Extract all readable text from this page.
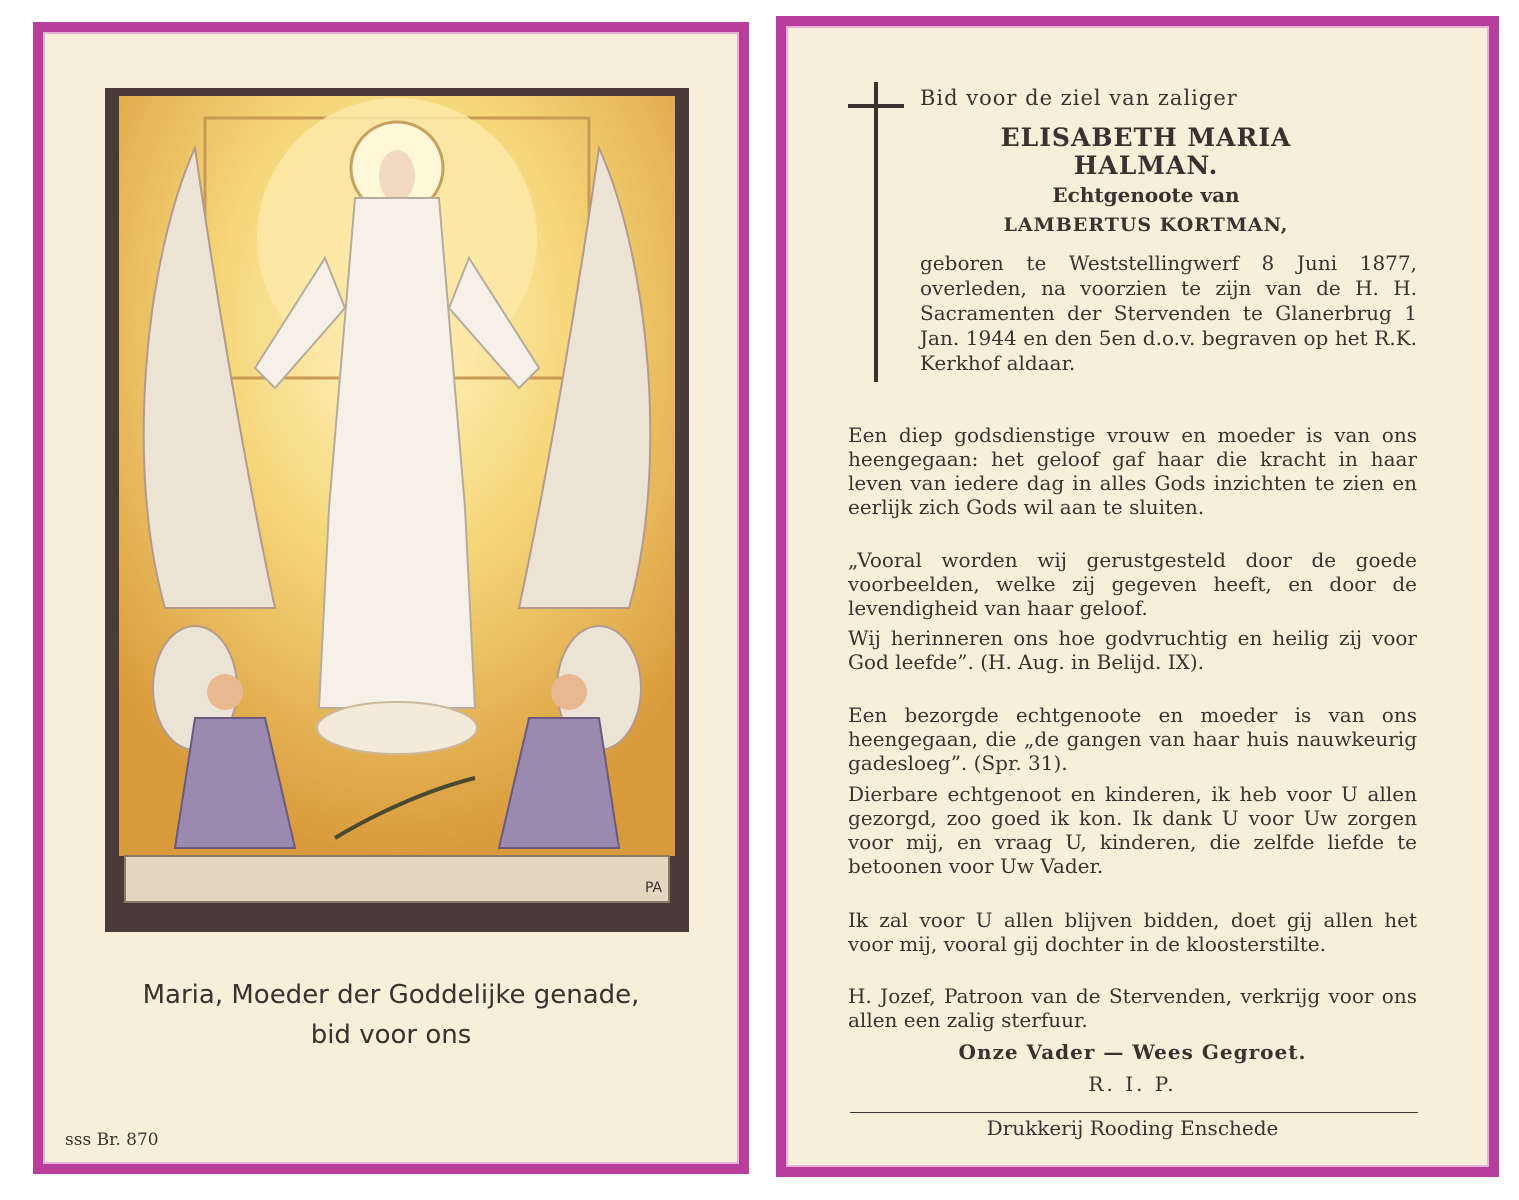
PA
Maria, Moeder der Goddelijke genade,
bid voor ons
sss Br. 870
Bid voor de ziel van zaliger
ELISABETH MARIA
HALMAN.
Echtgenoote van
LAMBERTUS KORTMAN,
geboren te Weststellingwerf 8 Juni 1877, overleden, na voorzien te zijn van de H. H. Sacramenten der Stervenden te Glanerbrug 1 Jan. 1944 en den 5en d.o.v. begraven op het R.K. Kerkhof aldaar.
Een diep godsdienstige vrouw en moeder is van ons heengegaan: het geloof gaf haar die kracht in haar leven van iedere dag in alles Gods inzichten te zien en eerlijk zich Gods wil aan te sluiten.
„Vooral worden wij gerustgesteld door de goede voorbeelden, welke zij gegeven heeft, en door de levendigheid van haar geloof.
Wij herinneren ons hoe godvruchtig en heilig zij voor God leefde”. (H. Aug. in Belijd. IX).
Een bezorgde echtgenoote en moeder is van ons heengegaan, die „de gangen van haar huis nauwkeurig gadesloeg”. (Spr. 31).
Dierbare echtgenoot en kinderen, ik heb voor U allen gezorgd, zoo goed ik kon. Ik dank U voor Uw zorgen voor mij, en vraag U, kinderen, die zelfde liefde te betoonen voor Uw Vader.
Ik zal voor U allen blijven bidden, doet gij allen het voor mij, vooral gij dochter in de kloosterstilte.
H. Jozef, Patroon van de Stervenden, verkrijg voor ons allen een zalig sterfuur.
Onze Vader — Wees Gegroet.
R. I. P.
Drukkerij Rooding Enschede
